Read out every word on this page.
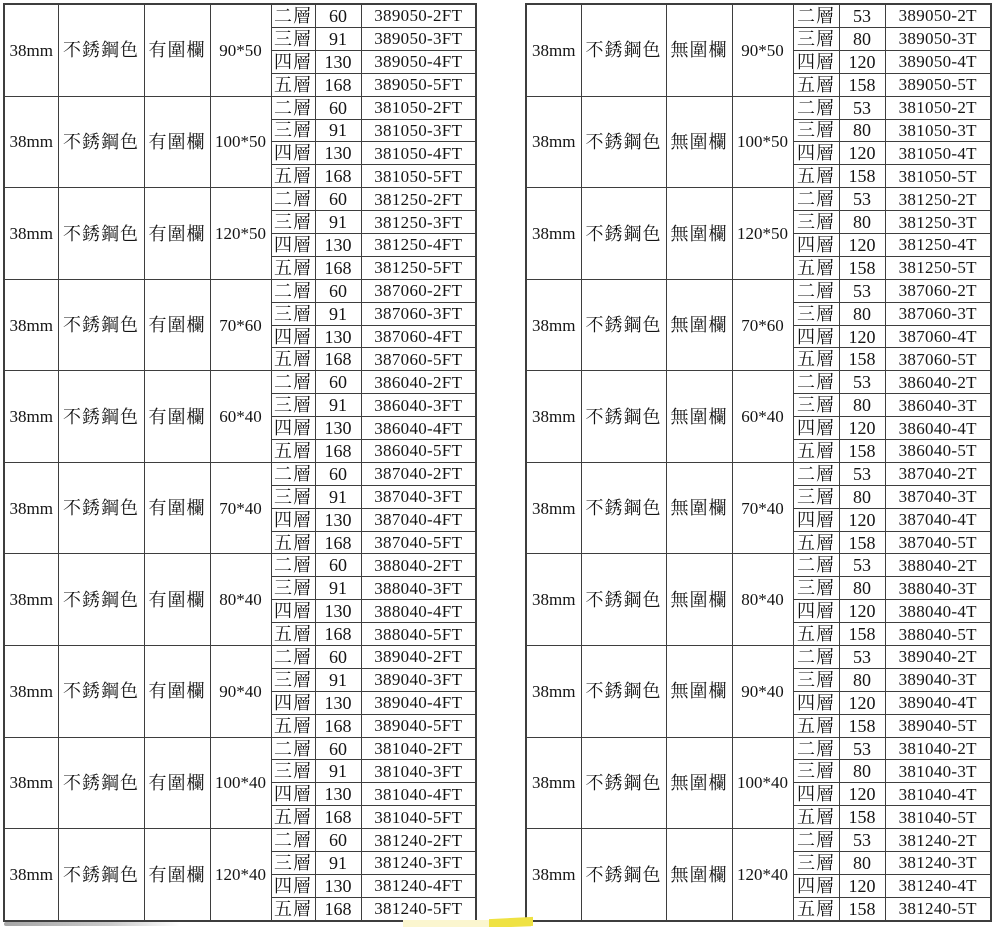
38mm	不銹鋼色	有圍欄	90*50	二層	60	389050-2FT
				三層	91	389050-3FT
				四層	130	389050-4FT
				五層	168	389050-5FT
38mm	不銹鋼色	有圍欄	100*50	二層	60	381050-2FT
				三層	91	381050-3FT
				四層	130	381050-4FT
				五層	168	381050-5FT
38mm	不銹鋼色	有圍欄	120*50	二層	60	381250-2FT
				三層	91	381250-3FT
				四層	130	381250-4FT
				五層	168	381250-5FT
38mm	不銹鋼色	有圍欄	70*60	二層	60	387060-2FT
				三層	91	387060-3FT
				四層	130	387060-4FT
				五層	168	387060-5FT
38mm	不銹鋼色	有圍欄	60*40	二層	60	386040-2FT
				三層	91	386040-3FT
				四層	130	386040-4FT
				五層	168	386040-5FT
38mm	不銹鋼色	有圍欄	70*40	二層	60	387040-2FT
				三層	91	387040-3FT
				四層	130	387040-4FT
				五層	168	387040-5FT
38mm	不銹鋼色	有圍欄	80*40	二層	60	388040-2FT
				三層	91	388040-3FT
				四層	130	388040-4FT
				五層	168	388040-5FT
38mm	不銹鋼色	有圍欄	90*40	二層	60	389040-2FT
				三層	91	389040-3FT
				四層	130	389040-4FT
				五層	168	389040-5FT
38mm	不銹鋼色	有圍欄	100*40	二層	60	381040-2FT
				三層	91	381040-3FT
				四層	130	381040-4FT
				五層	168	381040-5FT
38mm	不銹鋼色	有圍欄	120*40	二層	60	381240-2FT
				三層	91	381240-3FT
				四層	130	381240-4FT
				五層	168	381240-5FT
38mm	不銹鋼色	無圍欄	90*50	二層	53	389050-2T
				三層	80	389050-3T
				四層	120	389050-4T
				五層	158	389050-5T
38mm	不銹鋼色	無圍欄	100*50	二層	53	381050-2T
				三層	80	381050-3T
				四層	120	381050-4T
				五層	158	381050-5T
38mm	不銹鋼色	無圍欄	120*50	二層	53	381250-2T
				三層	80	381250-3T
				四層	120	381250-4T
				五層	158	381250-5T
38mm	不銹鋼色	無圍欄	70*60	二層	53	387060-2T
				三層	80	387060-3T
				四層	120	387060-4T
				五層	158	387060-5T
38mm	不銹鋼色	無圍欄	60*40	二層	53	386040-2T
				三層	80	386040-3T
				四層	120	386040-4T
				五層	158	386040-5T
38mm	不銹鋼色	無圍欄	70*40	二層	53	387040-2T
				三層	80	387040-3T
				四層	120	387040-4T
				五層	158	387040-5T
38mm	不銹鋼色	無圍欄	80*40	二層	53	388040-2T
				三層	80	388040-3T
				四層	120	388040-4T
				五層	158	388040-5T
38mm	不銹鋼色	無圍欄	90*40	二層	53	389040-2T
				三層	80	389040-3T
				四層	120	389040-4T
				五層	158	389040-5T
38mm	不銹鋼色	無圍欄	100*40	二層	53	381040-2T
				三層	80	381040-3T
				四層	120	381040-4T
				五層	158	381040-5T
38mm	不銹鋼色	無圍欄	120*40	二層	53	381240-2T
				三層	80	381240-3T
				四層	120	381240-4T
				五層	158	381240-5T
